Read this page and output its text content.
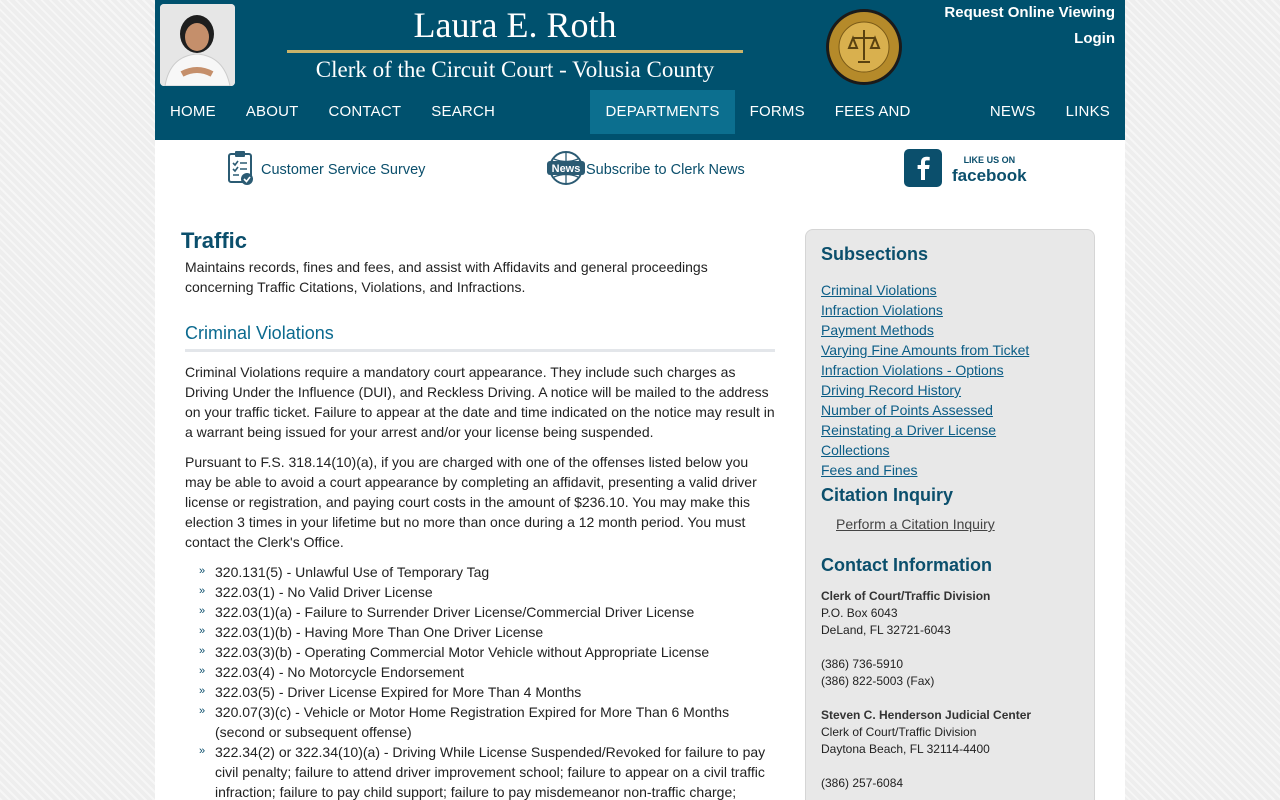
Laura E. Roth
Clerk of the Circuit Court - Volusia County
Request Online Viewing
Login
HOME	ABOUT	CONTACT	SEARCH RECORDS
DEPARTMENTS	FORMS	FEES AND FINES
NEWS	LINKS
Customer Service Survey	News Subscribe to Clerk News
LIKE US ON
facebook
Traffic
Maintains records, fines and fees, and assist with Affidavits and general proceedings concerning Traffic Citations, Violations, and Infractions.
Criminal Violations

Criminal Violations require a mandatory court appearance. They include such charges as Driving Under the Influence (DUI), and Reckless Driving. A notice will be mailed to the address on your traffic ticket. Failure to appear at the date and time indicated on the notice may result in a warrant being issued for your arrest and/or your license being suspended.

Pursuant to F.S. 318.14(10)(a), if you are charged with one of the offenses listed below you may be able to avoid a court appearance by completing an affidavit, presenting a valid driver license or registration, and paying court costs in the amount of $236.10. You may make this election 3 times in your lifetime but no more than once during a 12 month period. You must contact the Clerk's Office.

» 320.131(5) - Unlawful Use of Temporary Tag
» 322.03(1) - No Valid Driver License
» 322.03(1)(a) - Failure to Surrender Driver License/Commercial Driver License
» 322.03(1)(b) - Having More Than One Driver License
» 322.03(3)(b) - Operating Commercial Motor Vehicle without Appropriate License
» 322.03(4) - No Motorcycle Endorsement
» 322.03(5) - Driver License Expired for More Than 4 Months
» 320.07(3)(c) - Vehicle or Motor Home Registration Expired for More Than 6 Months (second or subsequent offense)
» 322.34(2) or 322.34(10)(a) - Driving While License Suspended/Revoked for failure to pay civil penalty; failure to attend driver improvement school; failure to appear on a civil traffic infraction; failure to pay child support; failure to pay misdemeanor non-traffic charge;
Subsections
Criminal Violations
Infraction Violations
Payment Methods
Varying Fine Amounts from Ticket
Infraction Violations - Options
Driving Record History
Number of Points Assessed
Reinstating a Driver License
Collections
Fees and Fines
Citation Inquiry
Perform a Citation Inquiry
Contact Information
Clerk of Court/Traffic Division
P.O. Box 6043
DeLand, FL 32721-6043

(386) 736-5910
(386) 822-5003 (Fax)

Steven C. Henderson Judicial Center
Clerk of Court/Traffic Division
Daytona Beach, FL 32114-4400

(386) 257-6084
